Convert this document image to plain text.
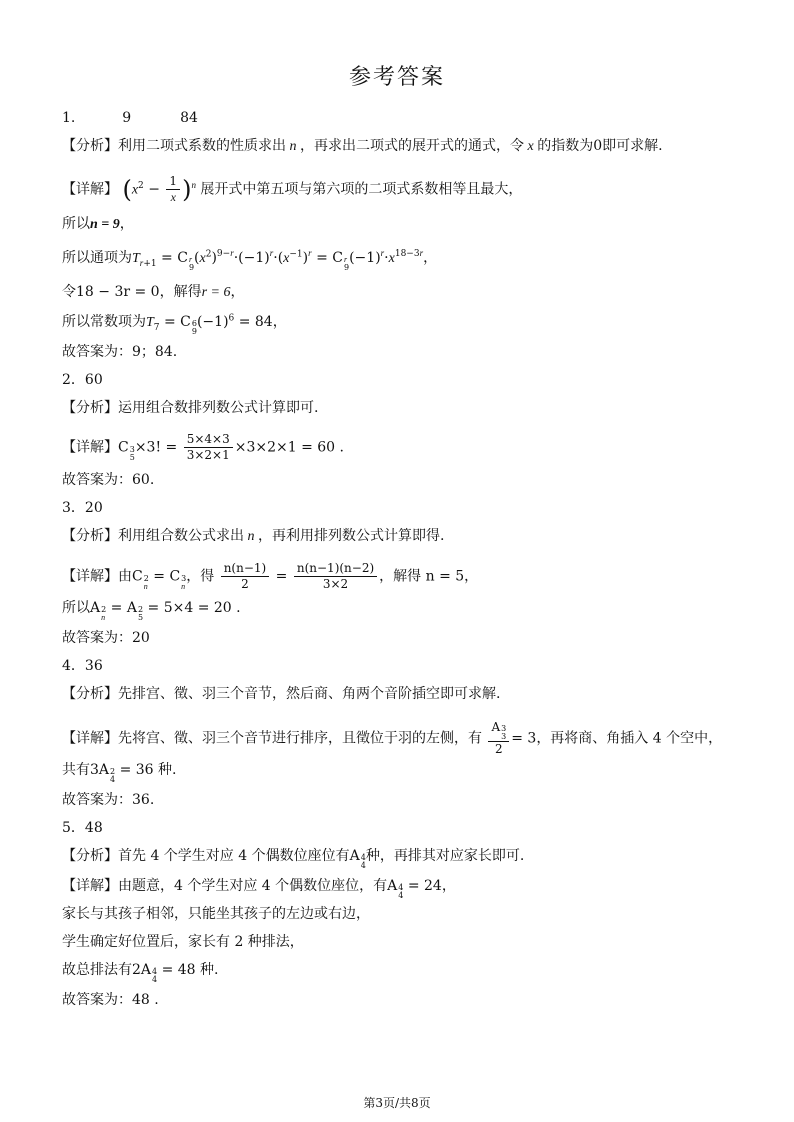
参考答案
1.	9	84
【分析】利用二项式系数的性质求出 n ，再求出二项式的展开式的通式，令 x 的指数为0即可求解.
【详解】 $(x^2 - \frac{1}{x} )^n$ 展开式中第五项与第六项的二项式系数相等且最大，
所以n = 9，
所以通项为$T_{r+1} = C$ r
9
$(x^2)^{9-r}\cdot(-1)^r\cdot(x^{-1})^r = C$ r
9
$(-1)^r\cdot x^{18-3r}$，
令18 − 3r = 0，解得r = 6，
所以常数项为$T_7 = C$ 6
9
$(-1)^6 = 84$，
故答案为：9；84.
2．60
【分析】运用组合数排列数公式计算即可.
【详解】C 3
5
×3! = $\frac{5\times 4\times 3}{3\times 2\times 1} \times 3\times 2\times 1 = 60$ .
故答案为：60.
3．20
【分析】利用组合数公式求出 n ，再利用排列数公式计算即得.
【详解】由C 2
n
= C 3
n
，得 $\frac{n(n-1)}{2} = \frac{n(n-1)(n-2)}{3\times 2}$ ，解得 n = 5，
所以A 2
n
= A 2
5
= 5×4 = 20 .
故答案为：20
4．36
【分析】先排宫、徵、羽三个音节，然后商、角两个音阶插空即可求解.
【详解】先将宫、徵、羽三个音节进行排序，且徵位于羽的左侧，有 A 3
3
2 = 3，再将商、角插入 4 个空中，
共有3A 2
4
= 36 种.
故答案为：36.
5．48
【分析】首先 4 个学生对应 4 个偶数位座位有A 4
4
种，再排其对应家长即可.
【详解】由题意，4 个学生对应 4 个偶数位座位，有A 4
4
= 24，
家长与其孩子相邻，只能坐其孩子的左边或右边，
学生确定好位置后，家长有 2 种排法，
故总排法有2A 4
4
= 48 种.
故答案为：48 .
第3页/共8页
